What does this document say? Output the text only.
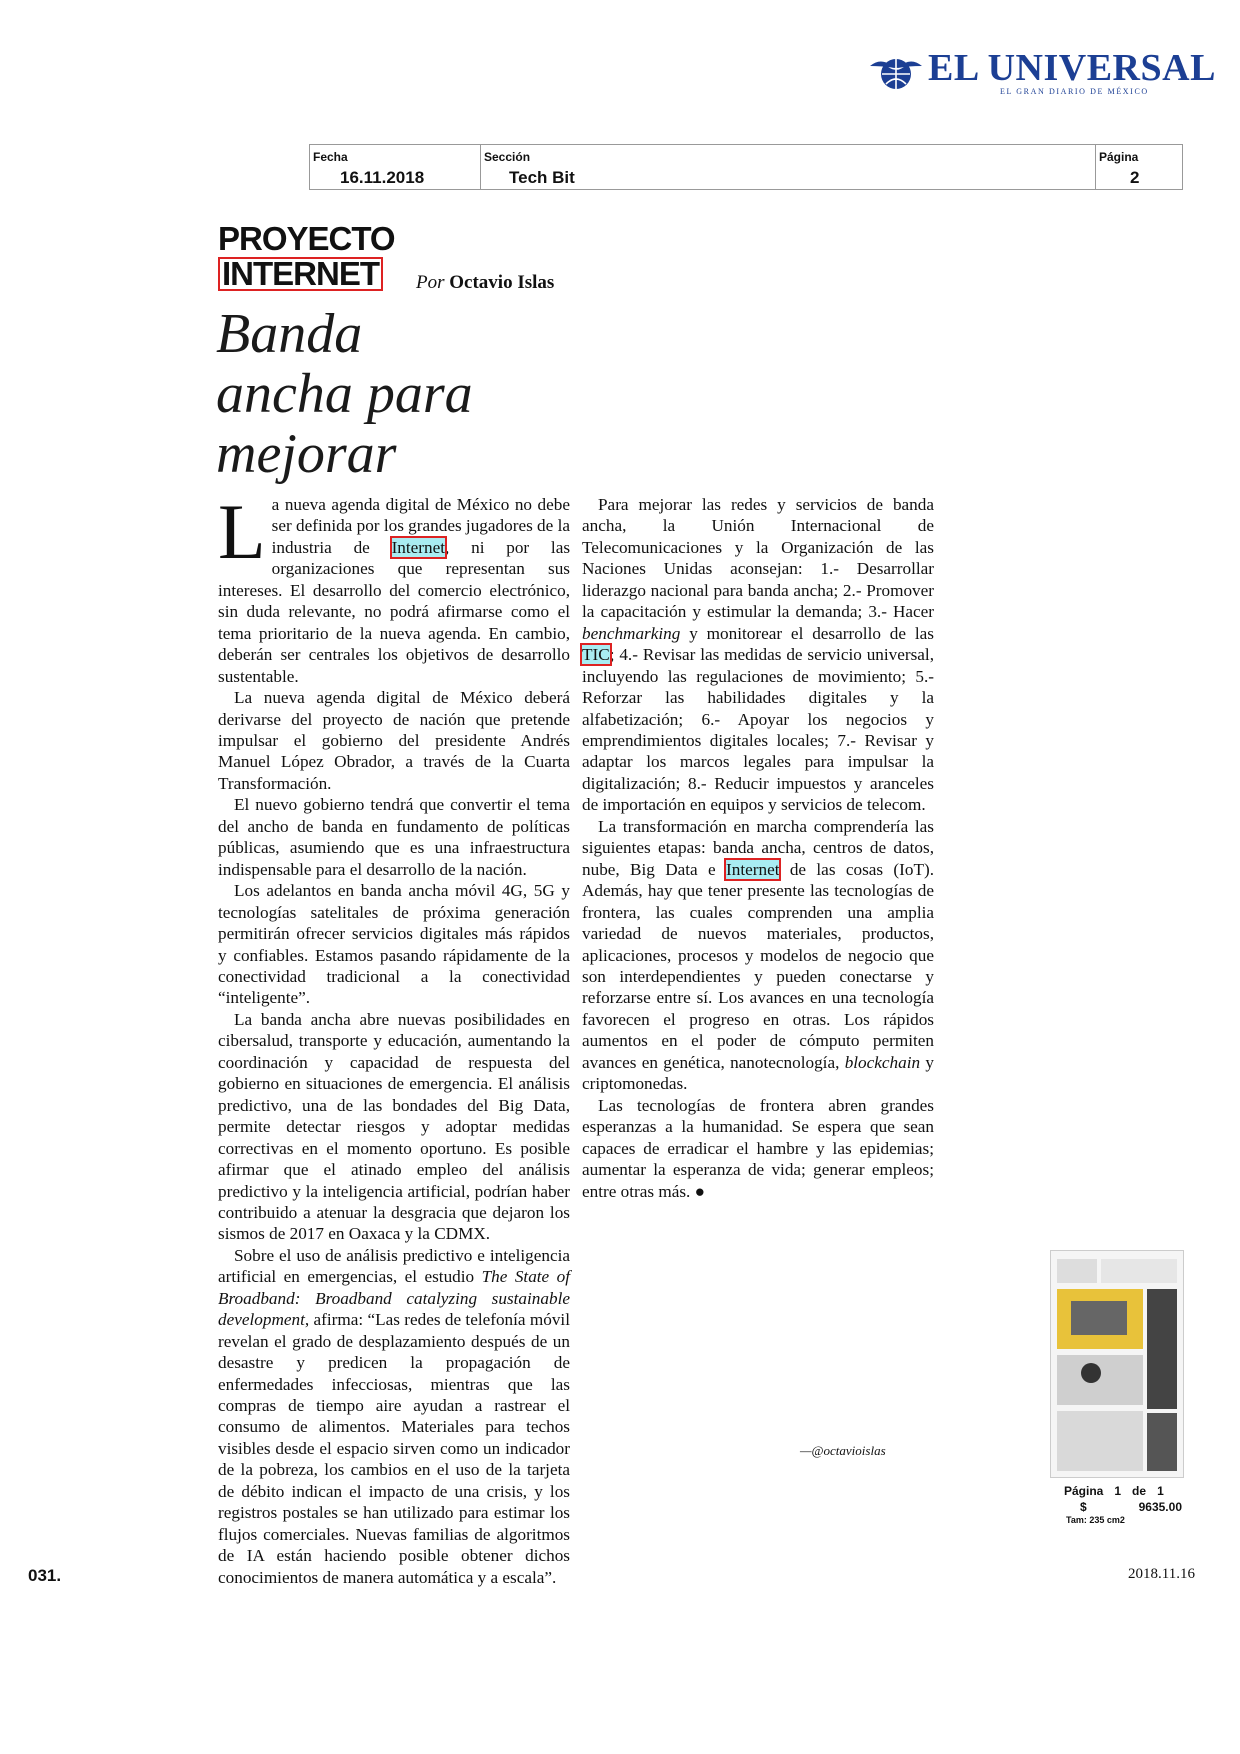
EL UNIVERSAL
EL GRAN DIARIO DE MÉXICO
Fecha
16.11.2018
Sección
Tech Bit
Página
2
PROYECTO
INTERNET	Por Octavio Islas
Banda
ancha para
mejorar

La nueva agenda digital de México no debe ser definida por los grandes jugadores de la industria de Internet, ni por las organizaciones que representan sus intereses. El desarrollo del comercio electrónico, sin duda relevante, no podrá afirmarse como el tema prioritario de la nueva agenda. En cambio, deberán ser centrales los objetivos de desarrollo sustentable.

La nueva agenda digital de México deberá derivarse del proyecto de nación que pretende impulsar el gobierno del presidente Andrés Manuel López Obrador, a través de la Cuarta Transformación.

El nuevo gobierno tendrá que convertir el tema del ancho de banda en fundamento de políticas públicas, asumiendo que es una infraestructura indispensable para el desarrollo de la nación.

Los adelantos en banda ancha móvil 4G, 5G y tecnologías satelitales de próxima generación permitirán ofrecer servicios digitales más rápidos y confiables. Estamos pasando rápidamente de la conectividad tradicional a la conectividad “inteligente”.

La banda ancha abre nuevas posibilidades en cibersalud, transporte y educación, aumentando la coordinación y capacidad de respuesta del gobierno en situaciones de emergencia. El análisis predictivo, una de las bondades del Big Data, permite detectar riesgos y adoptar medidas correctivas en el momento oportuno. Es posible afirmar que el atinado empleo del análisis predictivo y la inteligencia artificial, podrían haber contribuido a atenuar la desgracia que dejaron los sismos de 2017 en Oaxaca y la CDMX.

Sobre el uso de análisis predictivo e inteligencia artificial en emergencias, el estudio The State of Broadband: Broadband catalyzing sustainable development, afirma: “Las redes de telefonía móvil revelan el grado de desplazamiento después de un desastre y predicen la propagación de enfermedades infecciosas, mientras que las compras de tiempo aire ayudan a rastrear el consumo de alimentos. Materiales para techos visibles desde el espacio sirven como un indicador de la pobreza, los cambios en el uso de la tarjeta de débito indican el impacto de una crisis, y los registros postales se han utilizado para estimar los flujos comerciales. Nuevas familias de algoritmos de IA están haciendo posible obtener dichos conocimientos de manera automática y a escala”.

Para mejorar las redes y servicios de banda ancha, la Unión Internacional de Telecomunicaciones y la Organización de las Naciones Unidas aconsejan: 1.- Desarrollar liderazgo nacional para banda ancha; 2.- Promover la capacitación y estimular la demanda; 3.- Hacer benchmarking y monitorear el desarrollo de las TIC; 4.- Revisar las medidas de servicio universal, incluyendo las regulaciones de movimiento; 5.- Reforzar las habilidades digitales y la alfabetización; 6.- Apoyar los negocios y emprendimientos digitales locales; 7.- Revisar y adaptar los marcos legales para impulsar la digitalización; 8.- Reducir impuestos y aranceles de importación en equipos y servicios de telecom.

La transformación en marcha comprendería las siguientes etapas: banda ancha, centros de datos, nube, Big Data e Internet de las cosas (IoT). Además, hay que tener presente las tecnologías de frontera, las cuales comprenden una amplia variedad de nuevos materiales, productos, aplicaciones, procesos y modelos de negocio que son interdependientes y pueden conectarse y reforzarse entre sí. Los avances en una tecnología favorecen el progreso en otras. Los rápidos aumentos en el poder de cómputo permiten avances en genética, nanotecnología, blockchain y criptomonedas.

Las tecnologías de frontera abren grandes esperanzas a la humanidad. Se espera que sean capaces de erradicar el hambre y las epidemias; aumentar la esperanza de vida; generar empleos; entre otras más. ●

—@octavioislas
Página 1 de 1
$	9635.00
Tam: 235 cm2
031.	2018.11.16
